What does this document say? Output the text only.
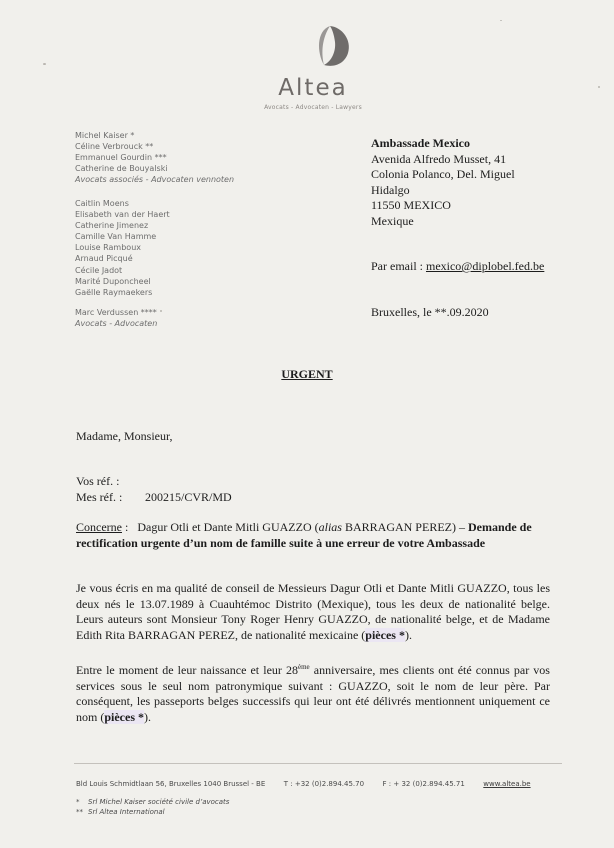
Altea
Avocats - Advocaten - Lawyers
Michel Kaiser *
Céline Verbrouck **
Emmanuel Gourdin ***
Catherine de Bouyalski
Avocats associés - Advocaten vennoten
Caitlin Moens
Elisabeth van der Haert
Catherine Jimenez
Camille Van Hamme
Louise Ramboux
Arnaud Picqué
Cécile Jadot
Marité Duponcheel
Gaëlle Raymaekers
Marc Verdussen ****
Avocats - Advocaten
Ambassade Mexico
Avenida Alfredo Musset, 41
Colonia Polanco, Del. Miguel
Hidalgo
11550 MEXICO
Mexique
Par email : mexico@diplobel.fed.be
Bruxelles, le **.09.2020
URGENT
Madame, Monsieur,
Vos réf. :
Mes réf. : 200215/CVR/MD
Concerne : Dagur Otli et Dante Mitli GUAZZO (alias BARRAGAN PEREZ) – Demande de rectification urgente d’un nom de famille suite à une erreur de votre Ambassade
Je vous écris en ma qualité de conseil de Messieurs Dagur Otli et Dante Mitli GUAZZO, tous les deux nés le 13.07.1989 à Cuauhtémoc Distrito (Mexique), tous les deux de nationalité belge. Leurs auteurs sont Monsieur Tony Roger Henry GUAZZO, de nationalité belge, et de Madame Edith Rita BARRAGAN PEREZ, de nationalité mexicaine (pièces *).
Entre le moment de leur naissance et leur 28ème anniversaire, mes clients ont été connus par vos services sous le seul nom patronymique suivant : GUAZZO, soit le nom de leur père. Par conséquent, les passeports belges successifs qui leur ont été délivrés mentionnent uniquement ce nom (pièces *).
Bld Louis Schmidtlaan 56, Bruxelles 1040 Brussel - BE	T : +32 (0)2.894.45.70	F : + 32 (0)2.894.45.71	www.altea.be
* Srl Michel Kaiser société civile d’avocats
** Srl Altea International
